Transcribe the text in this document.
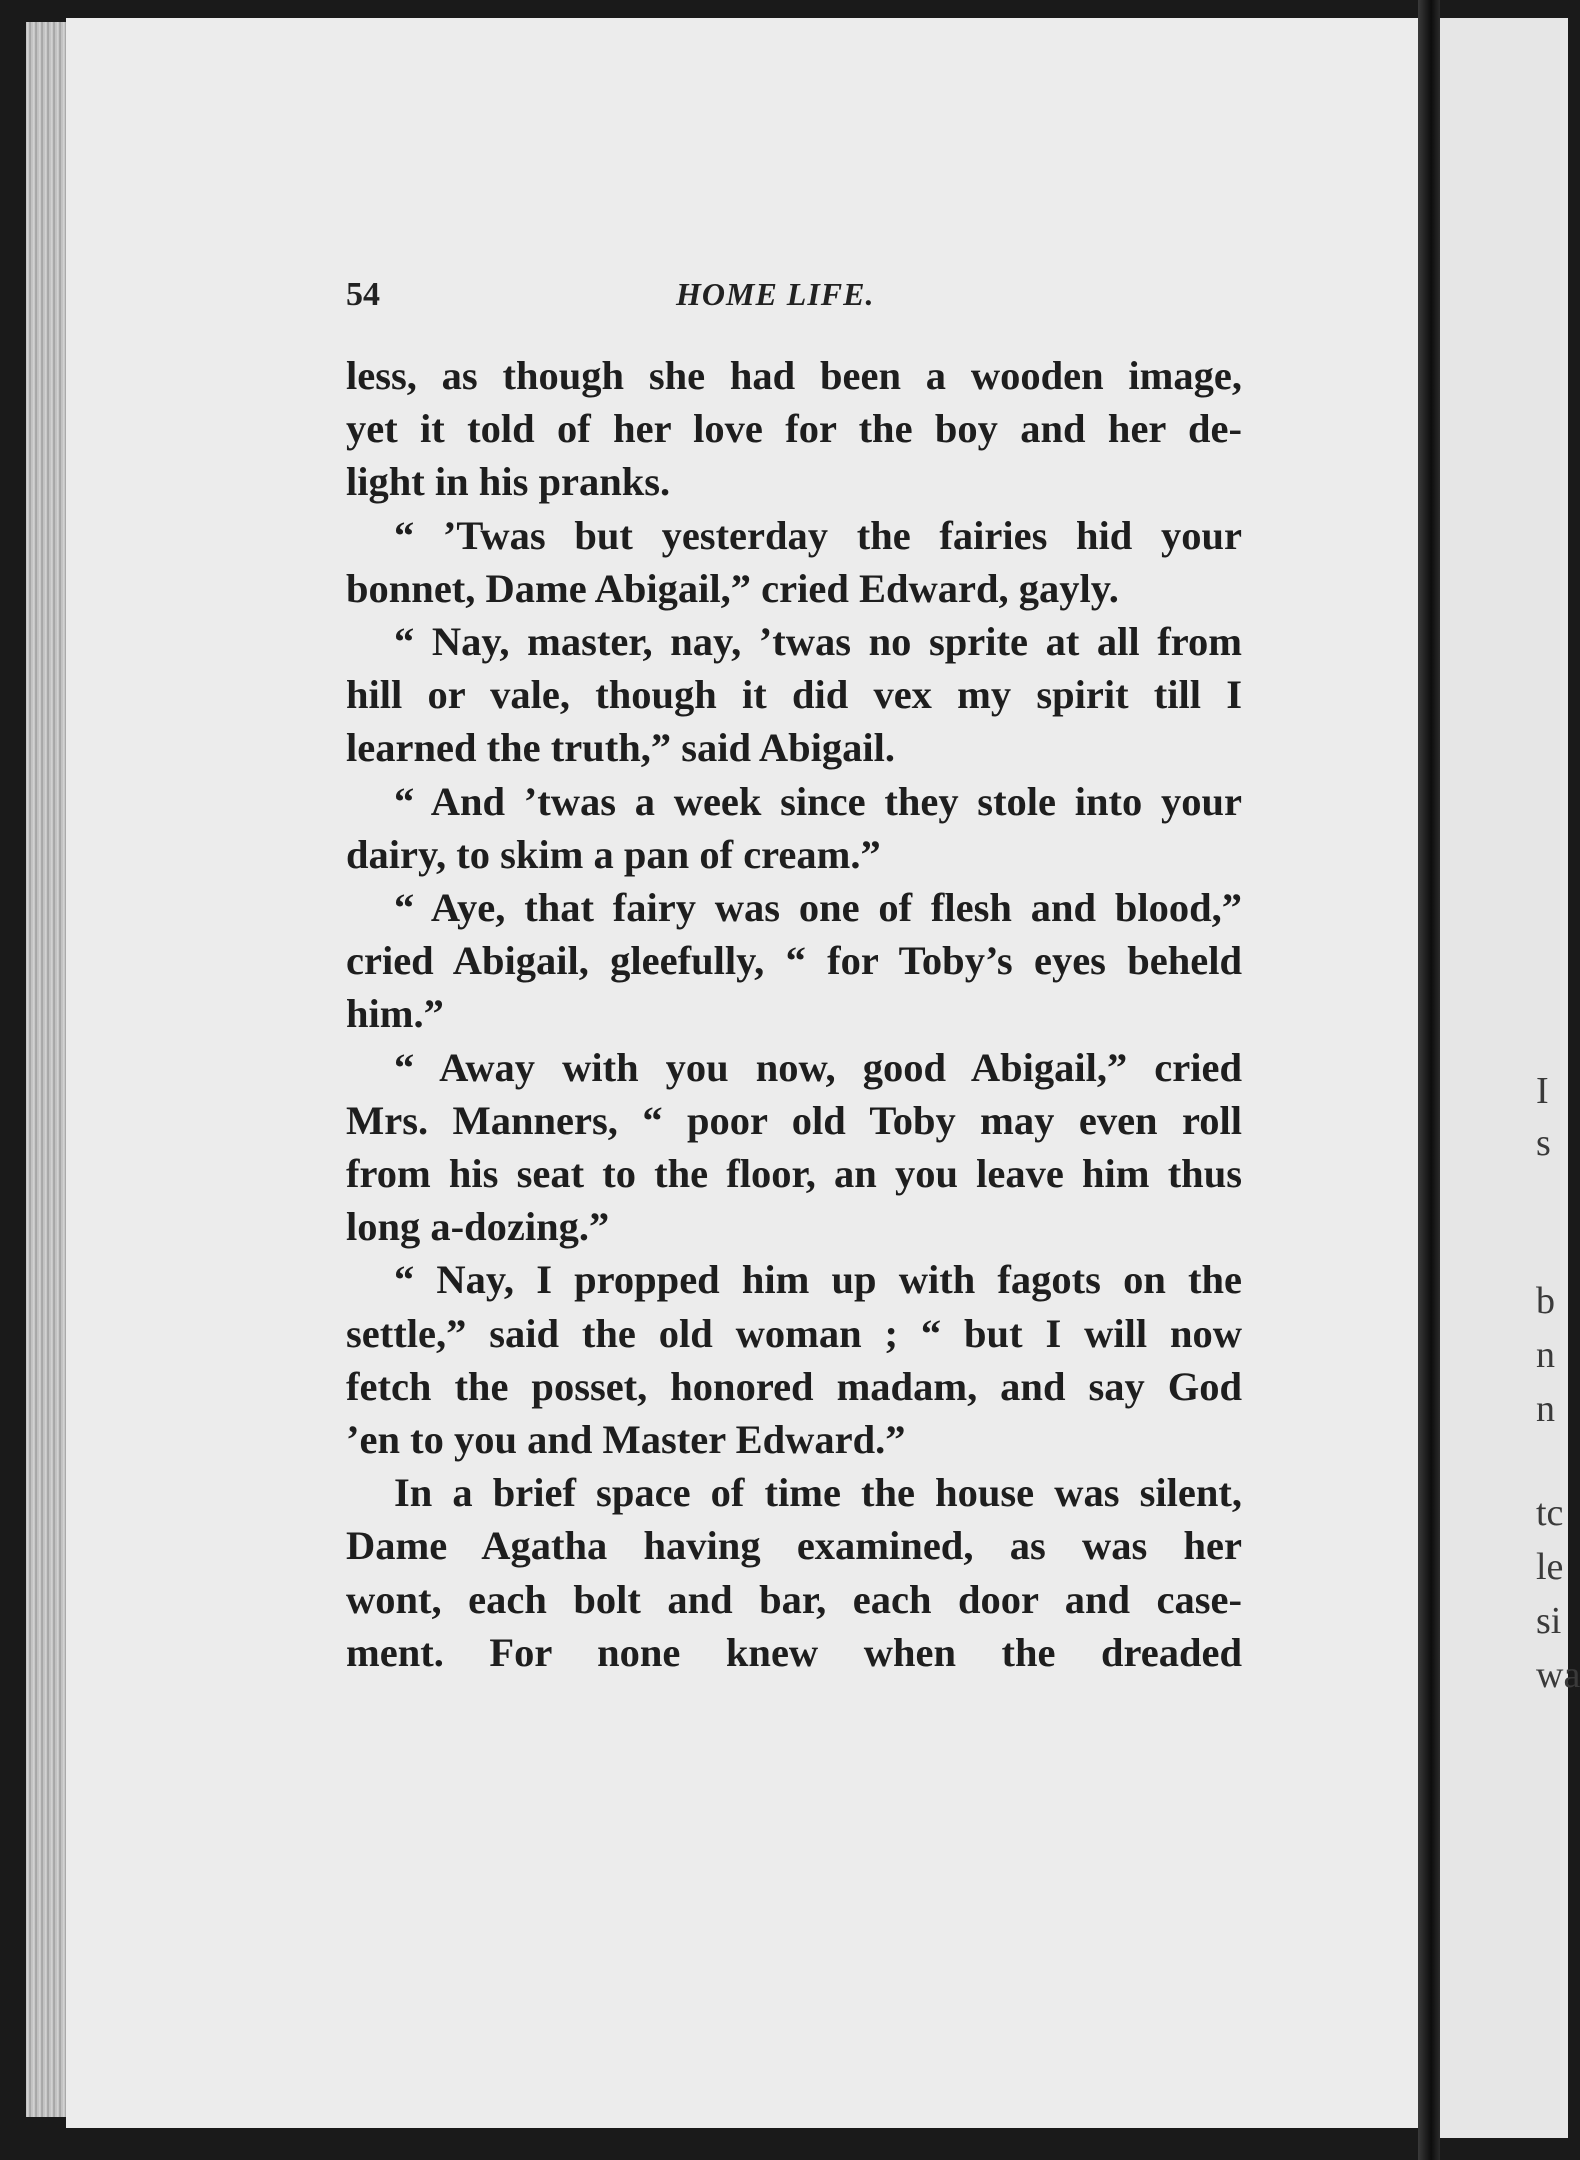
54	HOME LIFE.
less, as though she had been a wooden image,
yet it told of her love for the boy and her de-
light in his pranks.
“ ’Twas but yesterday the fairies hid your
bonnet, Dame Abigail,” cried Edward, gayly.
“ Nay, master, nay, ’twas no sprite at all from
hill or vale, though it did vex my spirit till I
learned the truth,” said Abigail.
“ And ’twas a week since they stole into your
dairy, to skim a pan of cream.”
“ Aye, that fairy was one of flesh and blood,”
cried Abigail, gleefully, “ for Toby’s eyes beheld
him.”
“ Away with you now, good Abigail,” cried
Mrs. Manners, “ poor old Toby may even roll
from his seat to the floor, an you leave him thus
long a-dozing.”
“ Nay, I propped him up with fagots on the
settle,” said the old woman ; “ but I will now
fetch the posset, honored madam, and say God
’en to you and Master Edward.”
In a brief space of time the house was silent,
Dame Agatha having examined, as was her
wont, each bolt and bar, each door and case-
ment. For none knew when the dreaded
I
s
b
n
n
tc
le
si
wa
